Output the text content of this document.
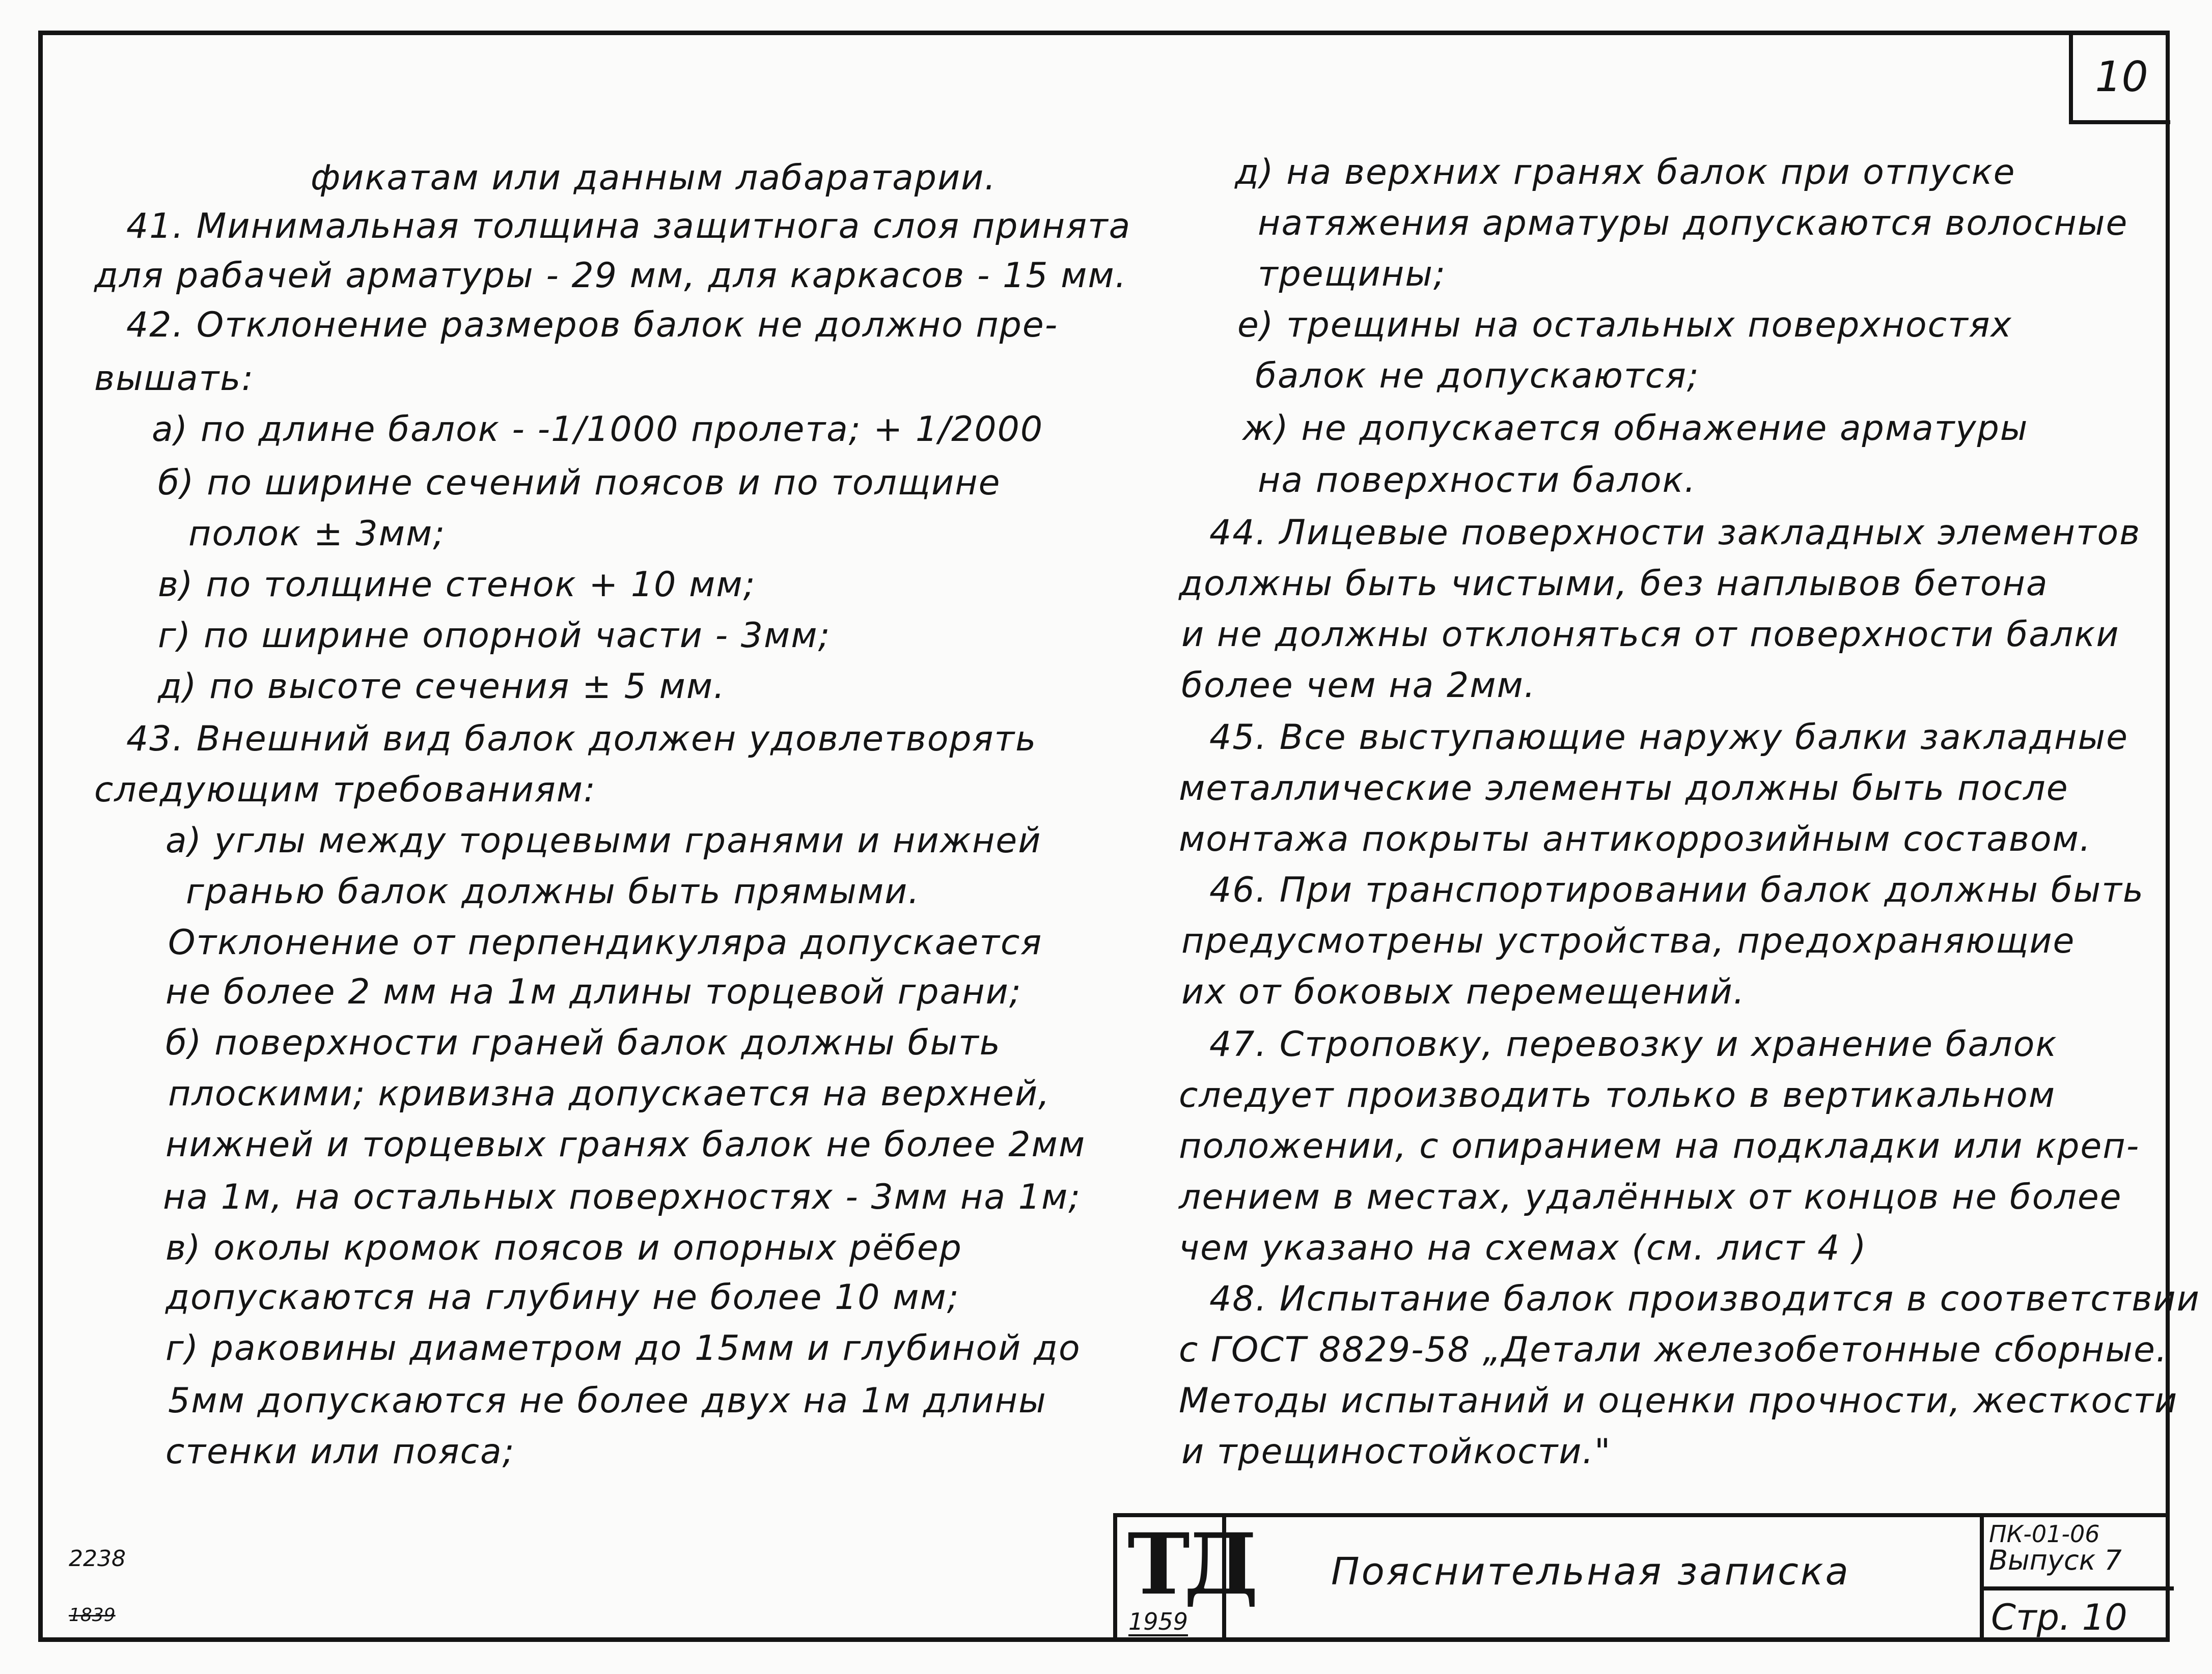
10
фикатам или данным лабаратарии.
41. Минимальная толщина защитнога слоя принята
для рабачей арматуры - 29 мм, для каркасов - 15 мм.
42. Отклонение размеров балок не должно пре-
вышать:
а) по длине балок - -1/1000 пролета; + 1/2000
б) по ширине сечений поясов и по толщине
полок ± 3мм;
в) по толщине стенок + 10 мм;
г) по ширине опорной части - 3мм;
д) по высоте сечения ± 5 мм.
43. Внешний вид балок должен удовлетворять
следующим требованиям:
а) углы между торцевыми гранями и нижней
гранью балок должны быть прямыми.
Отклонение от перпендикуляра допускается
не более 2 мм на 1м длины торцевой грани;
б) поверхности граней балок должны быть
плоскими; кривизна допускается на верхней,
нижней и торцевых гранях балок не более 2мм
на 1м, на остальных поверхностях - 3мм на 1м;
в) околы кромок поясов и опорных рёбер
допускаются на глубину не более 10 мм;
г) раковины диаметром до 15мм и глубиной до
5мм допускаются не более двух на 1м длины
стенки или пояса;
д) на верхних гранях балок при отпуске
натяжения арматуры допускаются волосные
трещины;
е) трещины на остальных поверхностях
балок не допускаются;
ж) не допускается обнажение арматуры
на поверхности балок.
44. Лицевые поверхности закладных элементов
должны быть чистыми, без наплывов бетона
и не должны отклоняться от поверхности балки
более чем на 2мм.
45. Все выступающие наружу балки закладные
металлические элементы должны быть после
монтажа покрыты антикоррозийным составом.
46. При транспортировании балок должны быть
предусмотрены устройства, предохраняющие
их от боковых перемещений.
47. Строповку, перевозку и хранение балок
следует производить только в вертикальном
положении, с опиранием на подкладки или креп-
лением в местах, удалённых от концов не более
чем указано на схемах (см. лист 4 )
48. Испытание балок производится в соответствии
с ГОСТ 8829-58 „Детали железобетонные сборные.
Методы испытаний и оценки прочности, жесткости
и трещиностойкости."
ТД
1959
Пояснительная записка
ПК-01-06
Выпуск 7
Стр. 10
2238
1839
